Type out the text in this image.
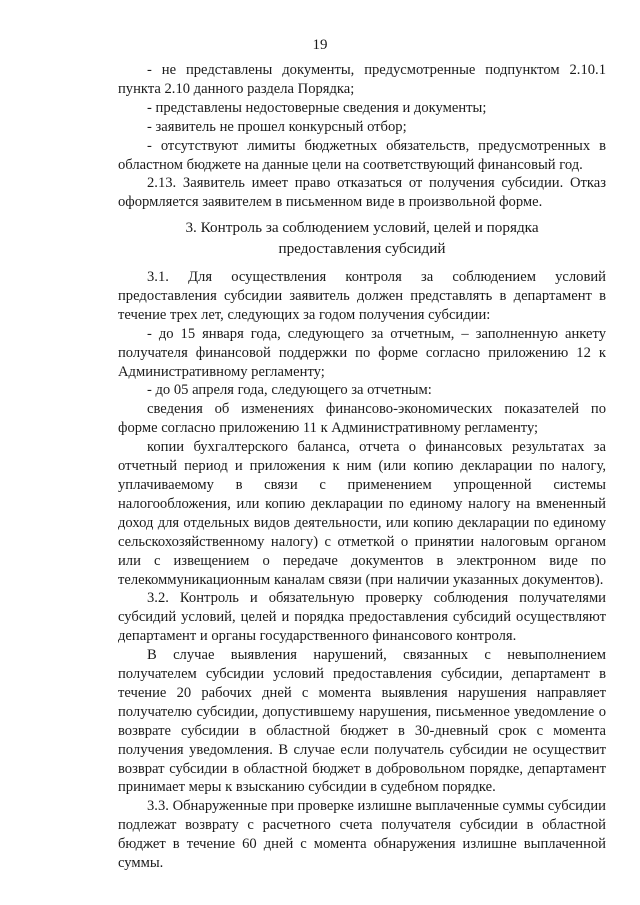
19

- не представлены документы, предусмотренные подпунктом 2.10.1 пункта 2.10 данного раздела Порядка;

- представлены недостоверные сведения и документы;

- заявитель не прошел конкурсный отбор;

- отсутствуют лимиты бюджетных обязательств, предусмотренных в областном бюджете на данные цели на соответствующий финансовый год.

2.13. Заявитель имеет право отказаться от получения субсидии. Отказ оформляется заявителем в письменном виде в произвольной форме.

3. Контроль за соблюдением условий, целей и порядка
предоставления субсидий

3.1. Для осуществления контроля за соблюдением условий предоставления субсидии заявитель должен представлять в департамент в течение трех лет, следующих за годом получения субсидии:

- до 15 января года, следующего за отчетным, – заполненную анкету получателя финансовой поддержки по форме согласно приложению 12 к Административному регламенту;

- до 05 апреля года, следующего за отчетным:

сведения об изменениях финансово-экономических показателей по форме согласно приложению 11 к Административному регламенту;

копии бухгалтерского баланса, отчета о финансовых результатах за отчетный период и приложения к ним (или копию декларации по налогу, уплачиваемому в связи с применением упрощенной системы налогообложения, или копию декларации по единому налогу на вмененный доход для отдельных видов деятельности, или копию декларации по единому сельскохозяйственному налогу) с отметкой о принятии налоговым органом или с извещением о передаче документов в электронном виде по телекоммуникационным каналам связи (при наличии указанных документов).

3.2. Контроль и обязательную проверку соблюдения получателями субсидий условий, целей и порядка предоставления субсидий осуществляют департамент и органы государственного финансового контроля.

В случае выявления нарушений, связанных с невыполнением получателем субсидии условий предоставления субсидии, департамент в течение 20 рабочих дней с момента выявления нарушения направляет получателю субсидии, допустившему нарушения, письменное уведомление о возврате субсидии в областной бюджет в 30-дневный срок с момента получения уведомления. В случае если получатель субсидии не осуществит возврат субсидии в областной бюджет в добровольном порядке, департамент принимает меры к взысканию субсидии в судебном порядке.

3.3. Обнаруженные при проверке излишне выплаченные суммы субсидии подлежат возврату с расчетного счета получателя субсидии в областной бюджет в течение 60 дней с момента обнаружения излишне выплаченной суммы.
